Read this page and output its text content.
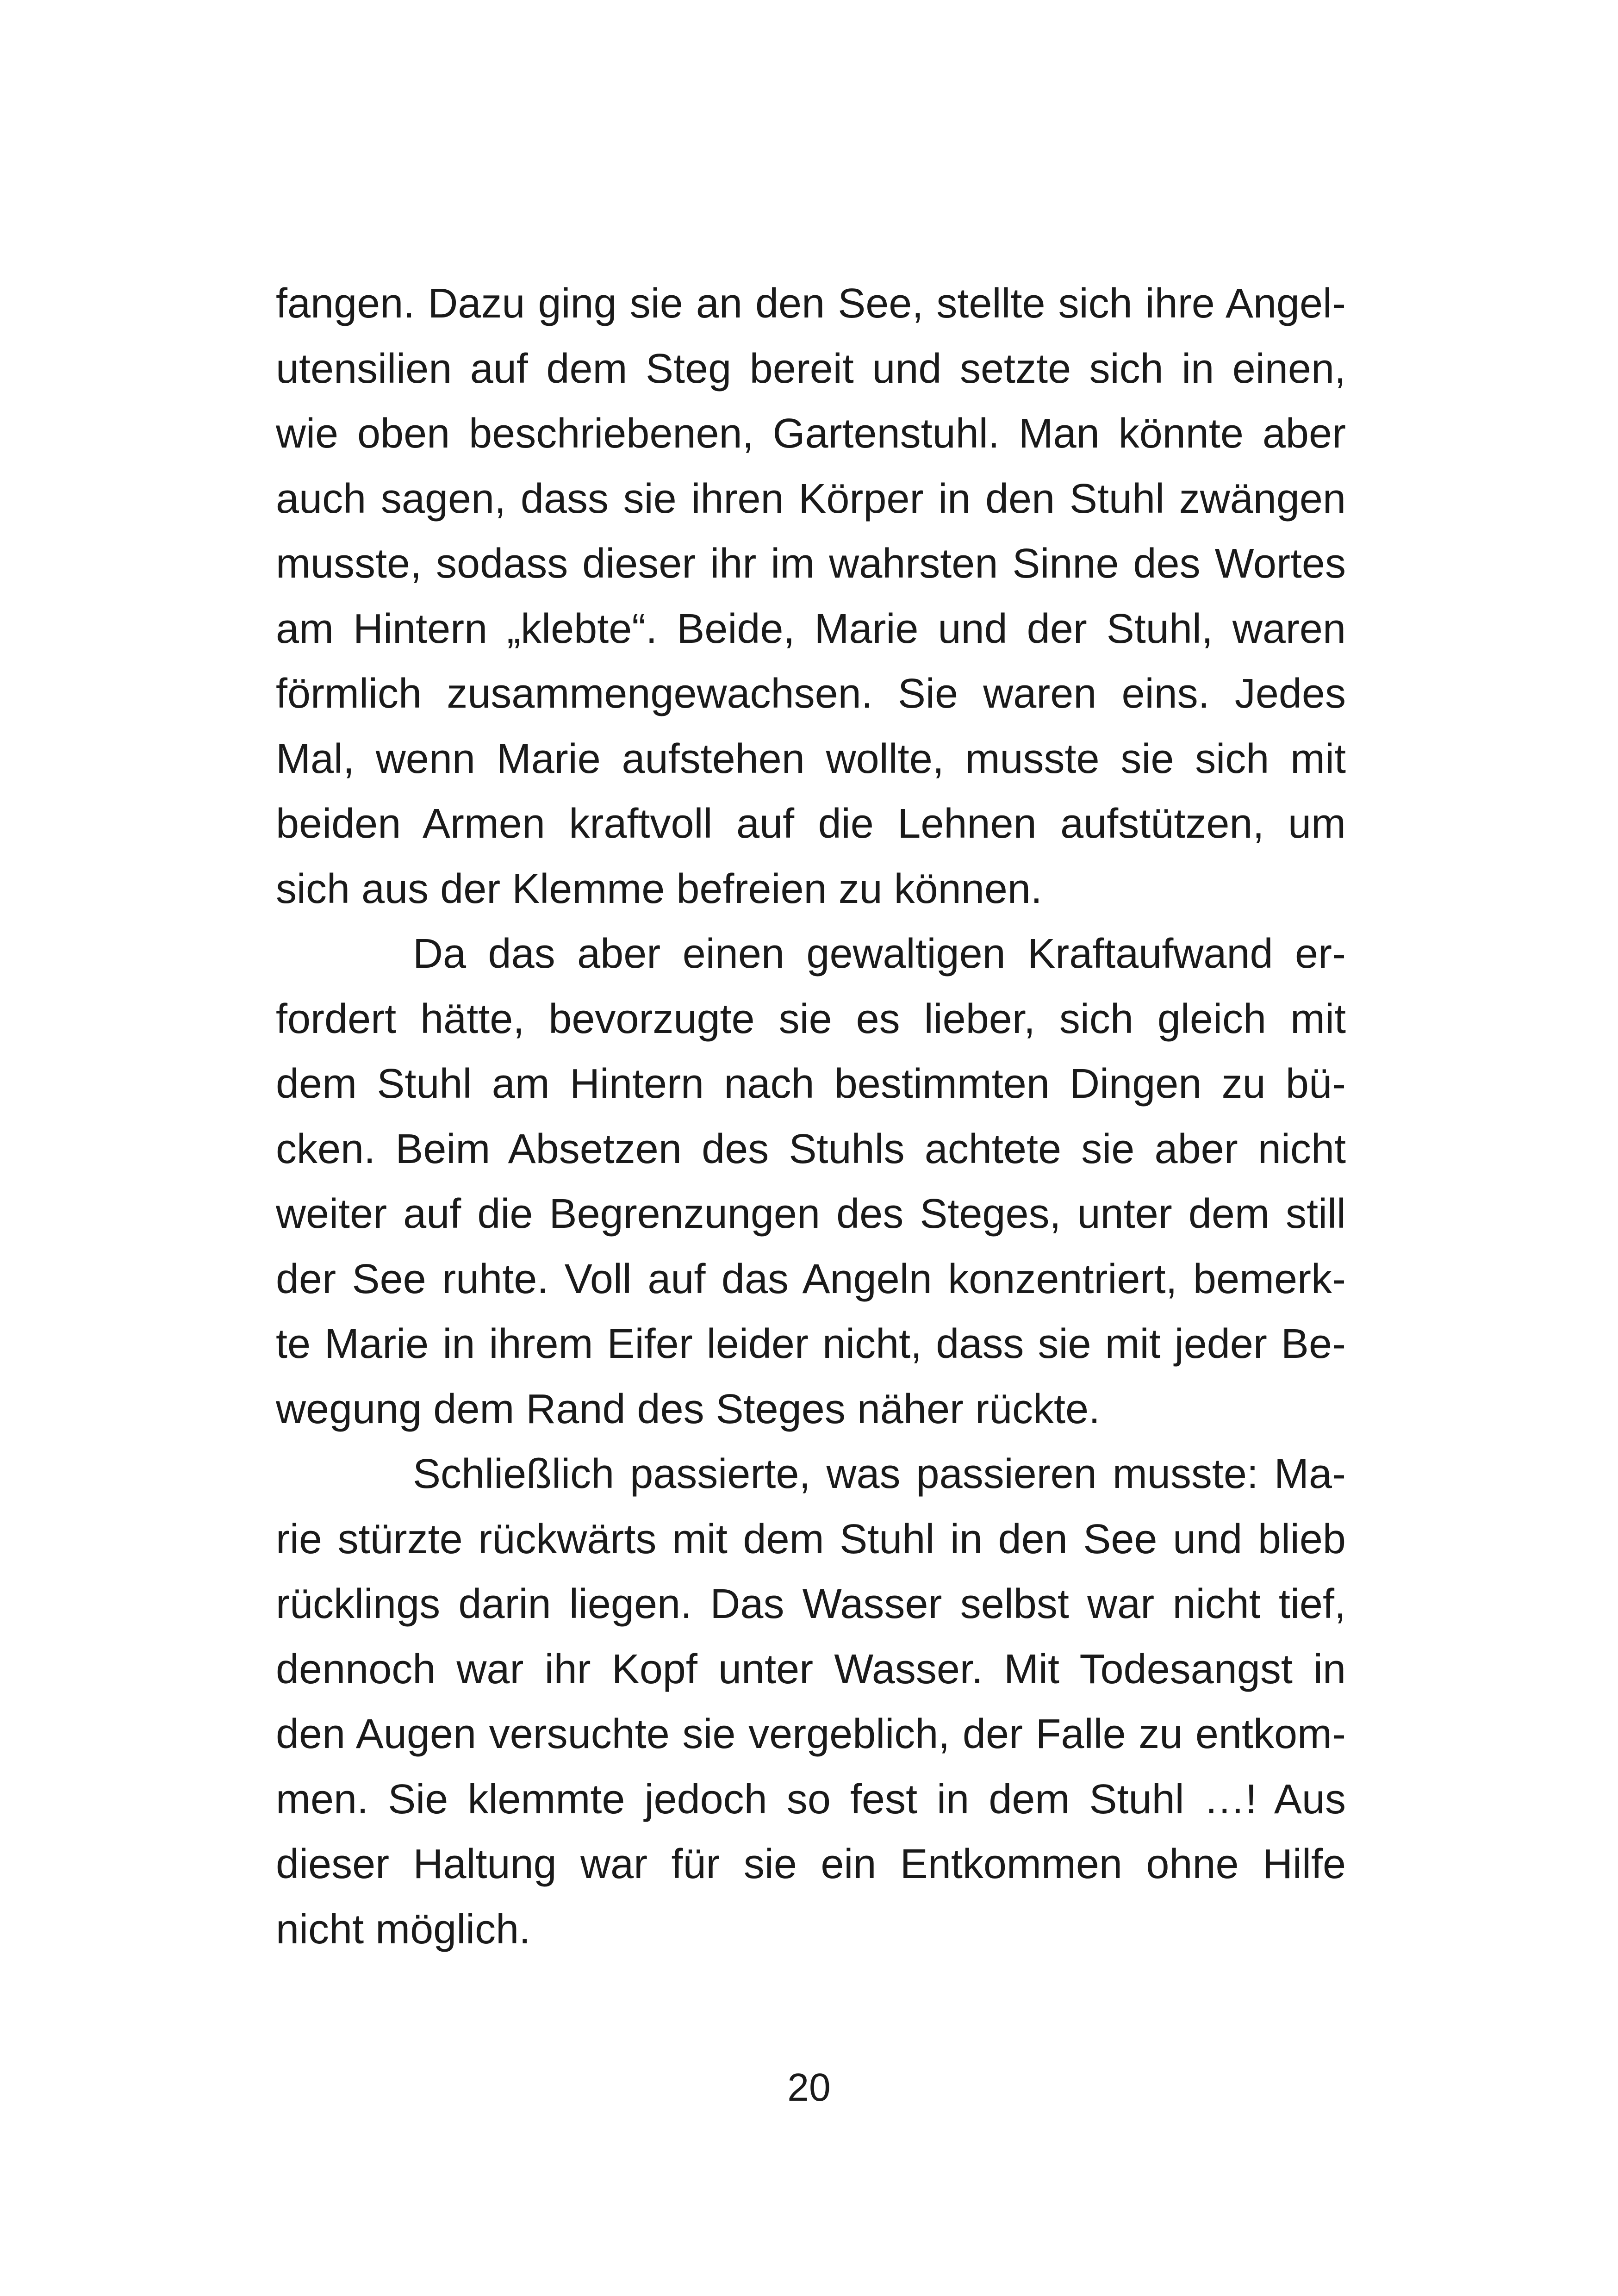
fangen. Dazu ging sie an den See, stellte sich ihre Angel-
utensilien auf dem Steg bereit und setzte sich in einen,
wie oben beschriebenen, Gartenstuhl. Man könnte aber
auch sagen, dass sie ihren Körper in den Stuhl zwängen
musste, sodass dieser ihr im wahrsten Sinne des Wortes
am Hintern „klebte“. Beide, Marie und der Stuhl, waren
förmlich zusammengewachsen. Sie waren eins. Jedes
Mal, wenn Marie aufstehen wollte, musste sie sich mit
beiden Armen kraftvoll auf die Lehnen aufstützen, um
sich aus der Klemme befreien zu können.
Da das aber einen gewaltigen Kraftaufwand er-
fordert hätte, bevorzugte sie es lieber, sich gleich mit
dem Stuhl am Hintern nach bestimmten Dingen zu bü-
cken. Beim Absetzen des Stuhls achtete sie aber nicht
weiter auf die Begrenzungen des Steges, unter dem still
der See ruhte. Voll auf das Angeln konzentriert, bemerk-
te Marie in ihrem Eifer leider nicht, dass sie mit jeder Be-
wegung dem Rand des Steges näher rückte.
Schließlich passierte, was passieren musste: Ma-
rie stürzte rückwärts mit dem Stuhl in den See und blieb
rücklings darin liegen. Das Wasser selbst war nicht tief,
dennoch war ihr Kopf unter Wasser. Mit Todesangst in
den Augen versuchte sie vergeblich, der Falle zu entkom-
men. Sie klemmte jedoch so fest in dem Stuhl …! Aus
dieser Haltung war für sie ein Entkommen ohne Hilfe
nicht möglich.
20
